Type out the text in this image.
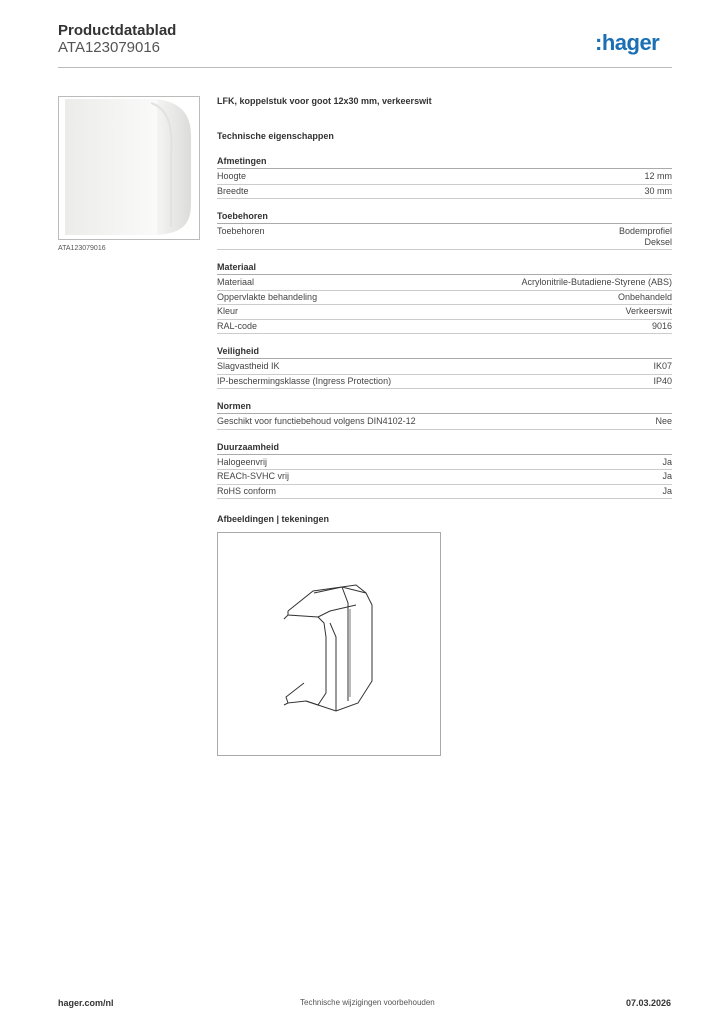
Productdatablad
ATA123079016	:hager
ATA123079016
LFK, koppelstuk voor goot 12x30 mm, verkeerswit
Technische eigenschappen
Afmetingen
Hoogte	12 mm
Breedte	30 mm
Toebehoren
Toebehoren	Bodemprofiel
Deksel
Materiaal
Materiaal	Acrylonitrile-Butadiene-Styrene (ABS)
Oppervlakte behandeling	Onbehandeld
Kleur	Verkeerswit
RAL-code	9016
Veiligheid
Slagvastheid IK	IK07
IP-beschermingsklasse (Ingress Protection)	IP40
Normen
Geschikt voor functiebehoud volgens DIN4102-12	Nee
Duurzaamheid
Halogeenvrij	Ja
REACh-SVHC vrij	Ja
RoHS conform	Ja
Afbeeldingen | tekeningen
hager.com/nl	Technische wijzigingen voorbehouden	07.03.2026
